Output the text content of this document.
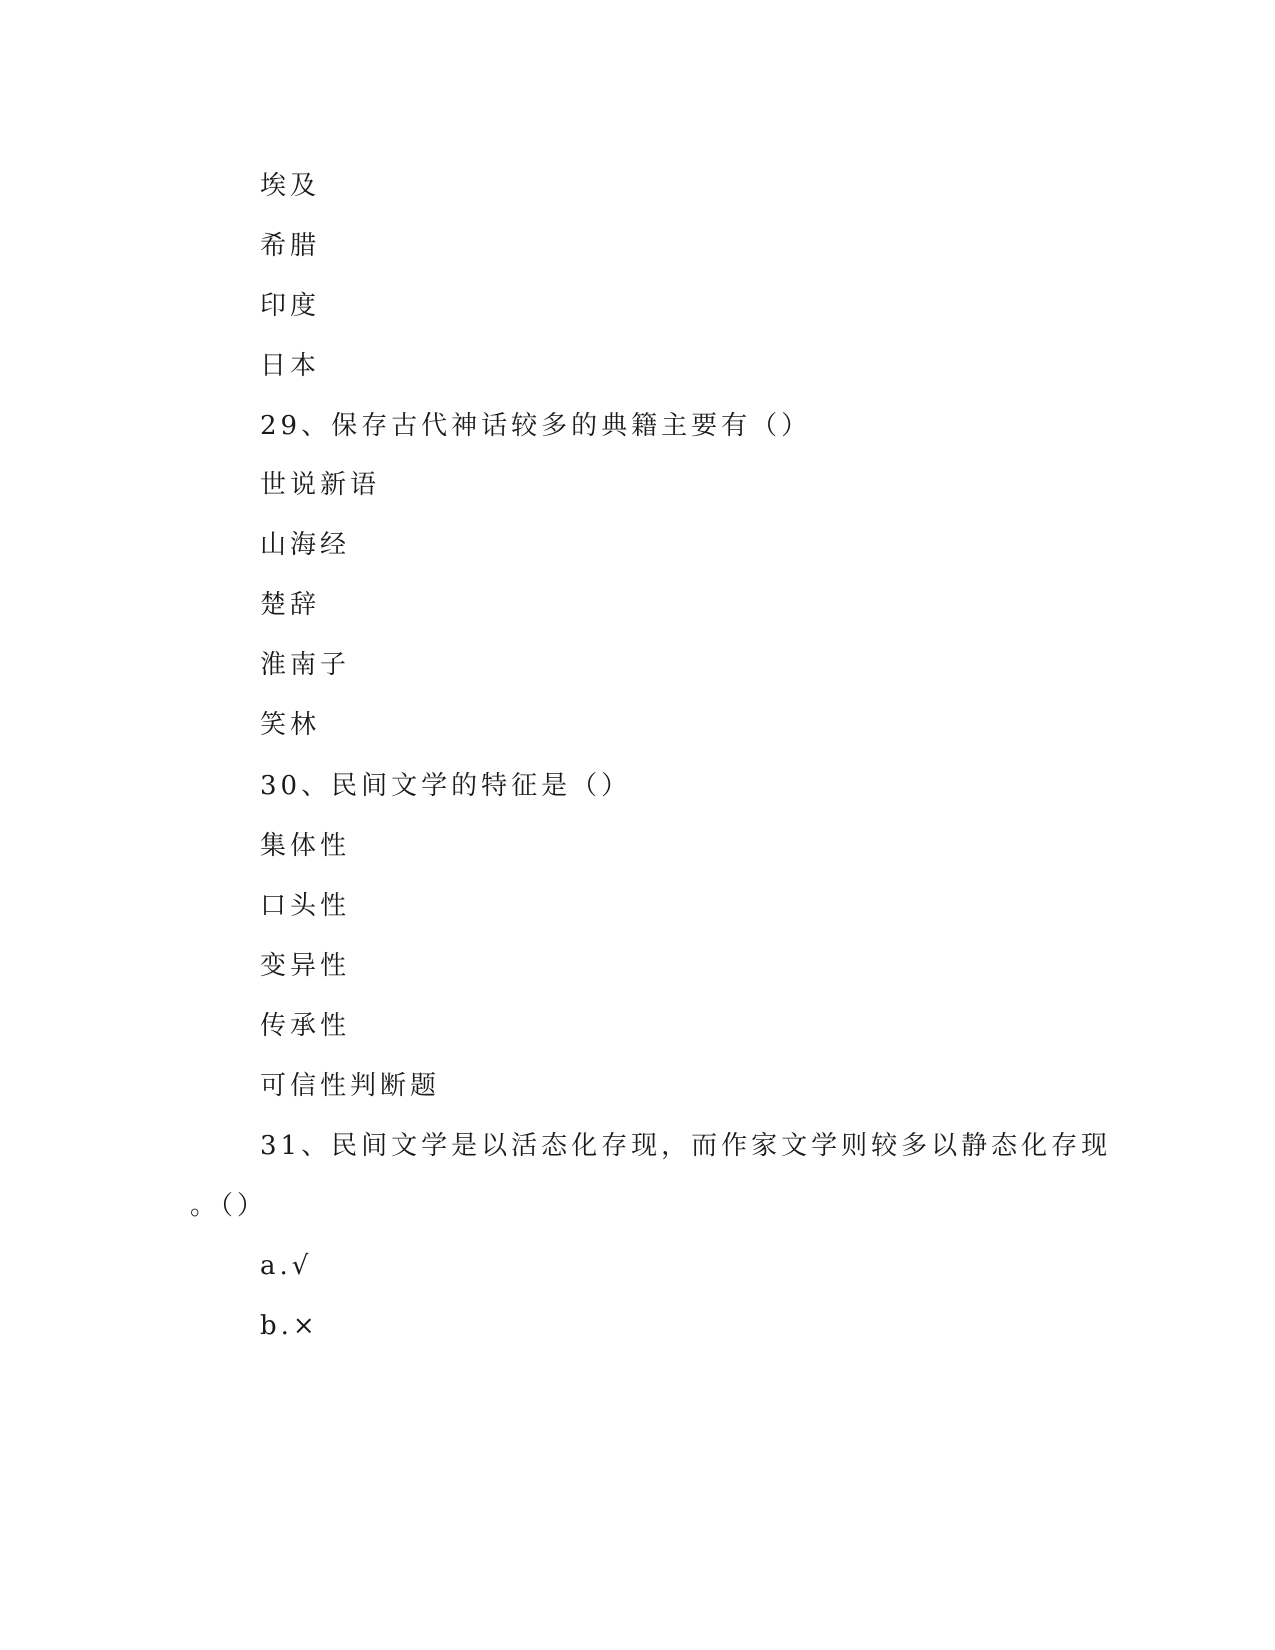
埃及
希腊
印度
日本
29、保存古代神话较多的典籍主要有（）
世说新语
山海经
楚辞
淮南子
笑林
30、民间文学的特征是（）
集体性
口头性
变异性
传承性
可信性判断题
31、民间文学是以活态化存现，而作家文学则较多以静态化存现
。（）
a.√
b.×
